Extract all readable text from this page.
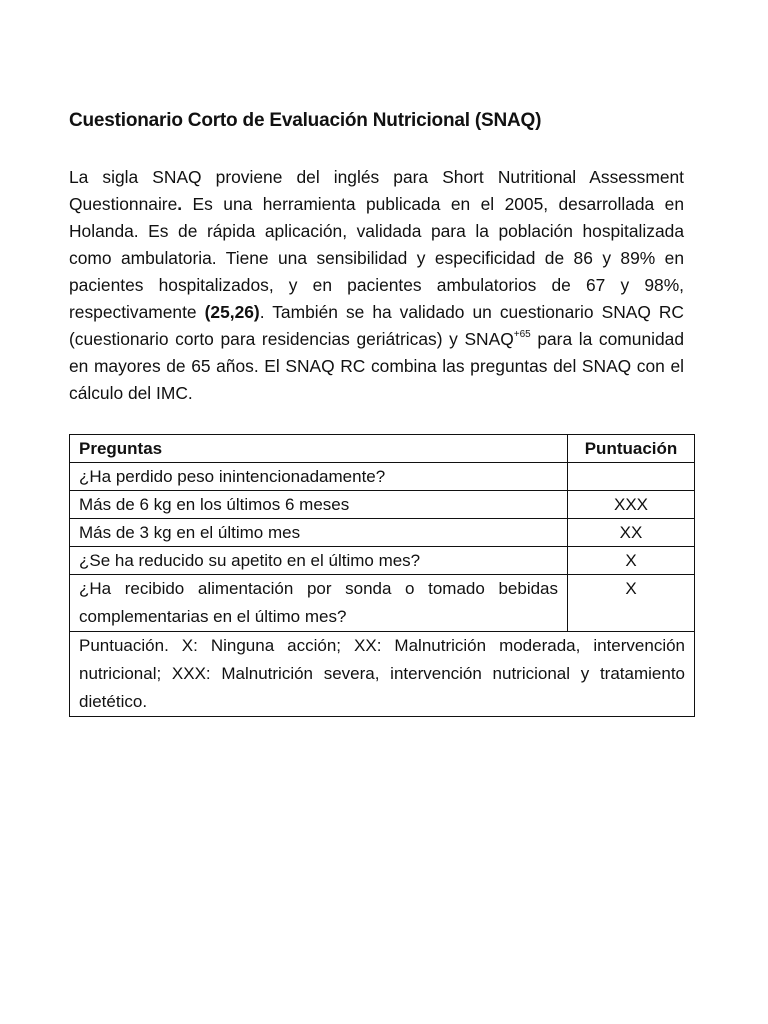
Cuestionario Corto de Evaluación Nutricional (SNAQ)

La sigla SNAQ proviene del inglés para Short Nutritional Assessment Questionnaire. Es una herramienta publicada en el 2005, desarrollada en Holanda. Es de rápida aplicación, validada para la población hospitalizada como ambulatoria. Tiene una sensibilidad y especificidad de 86 y 89% en pacientes hospitalizados, y en pacientes ambulatorios de 67 y 98%, respectivamente (25,26). También se ha validado un cuestionario SNAQ RC (cuestionario corto para residencias geriátricas) y $SNAQ^{+65}$ para la comunidad en mayores de 65 años. El SNAQ RC combina las preguntas del SNAQ con el cálculo del IMC.

Preguntas	Puntuación
¿Ha perdido peso inintencionadamente?	
Más de 6 kg en los últimos 6 meses	XXX
Más de 3 kg en el último mes	XX
¿Se ha reducido su apetito en el último mes?	X
¿Ha recibido alimentación por sonda o tomado bebidas complementarias en el último mes?	X
Puntuación. X: Ninguna acción; XX: Malnutrición moderada, intervención nutricional; XXX: Malnutrición severa, intervención nutricional y tratamiento dietético.	
